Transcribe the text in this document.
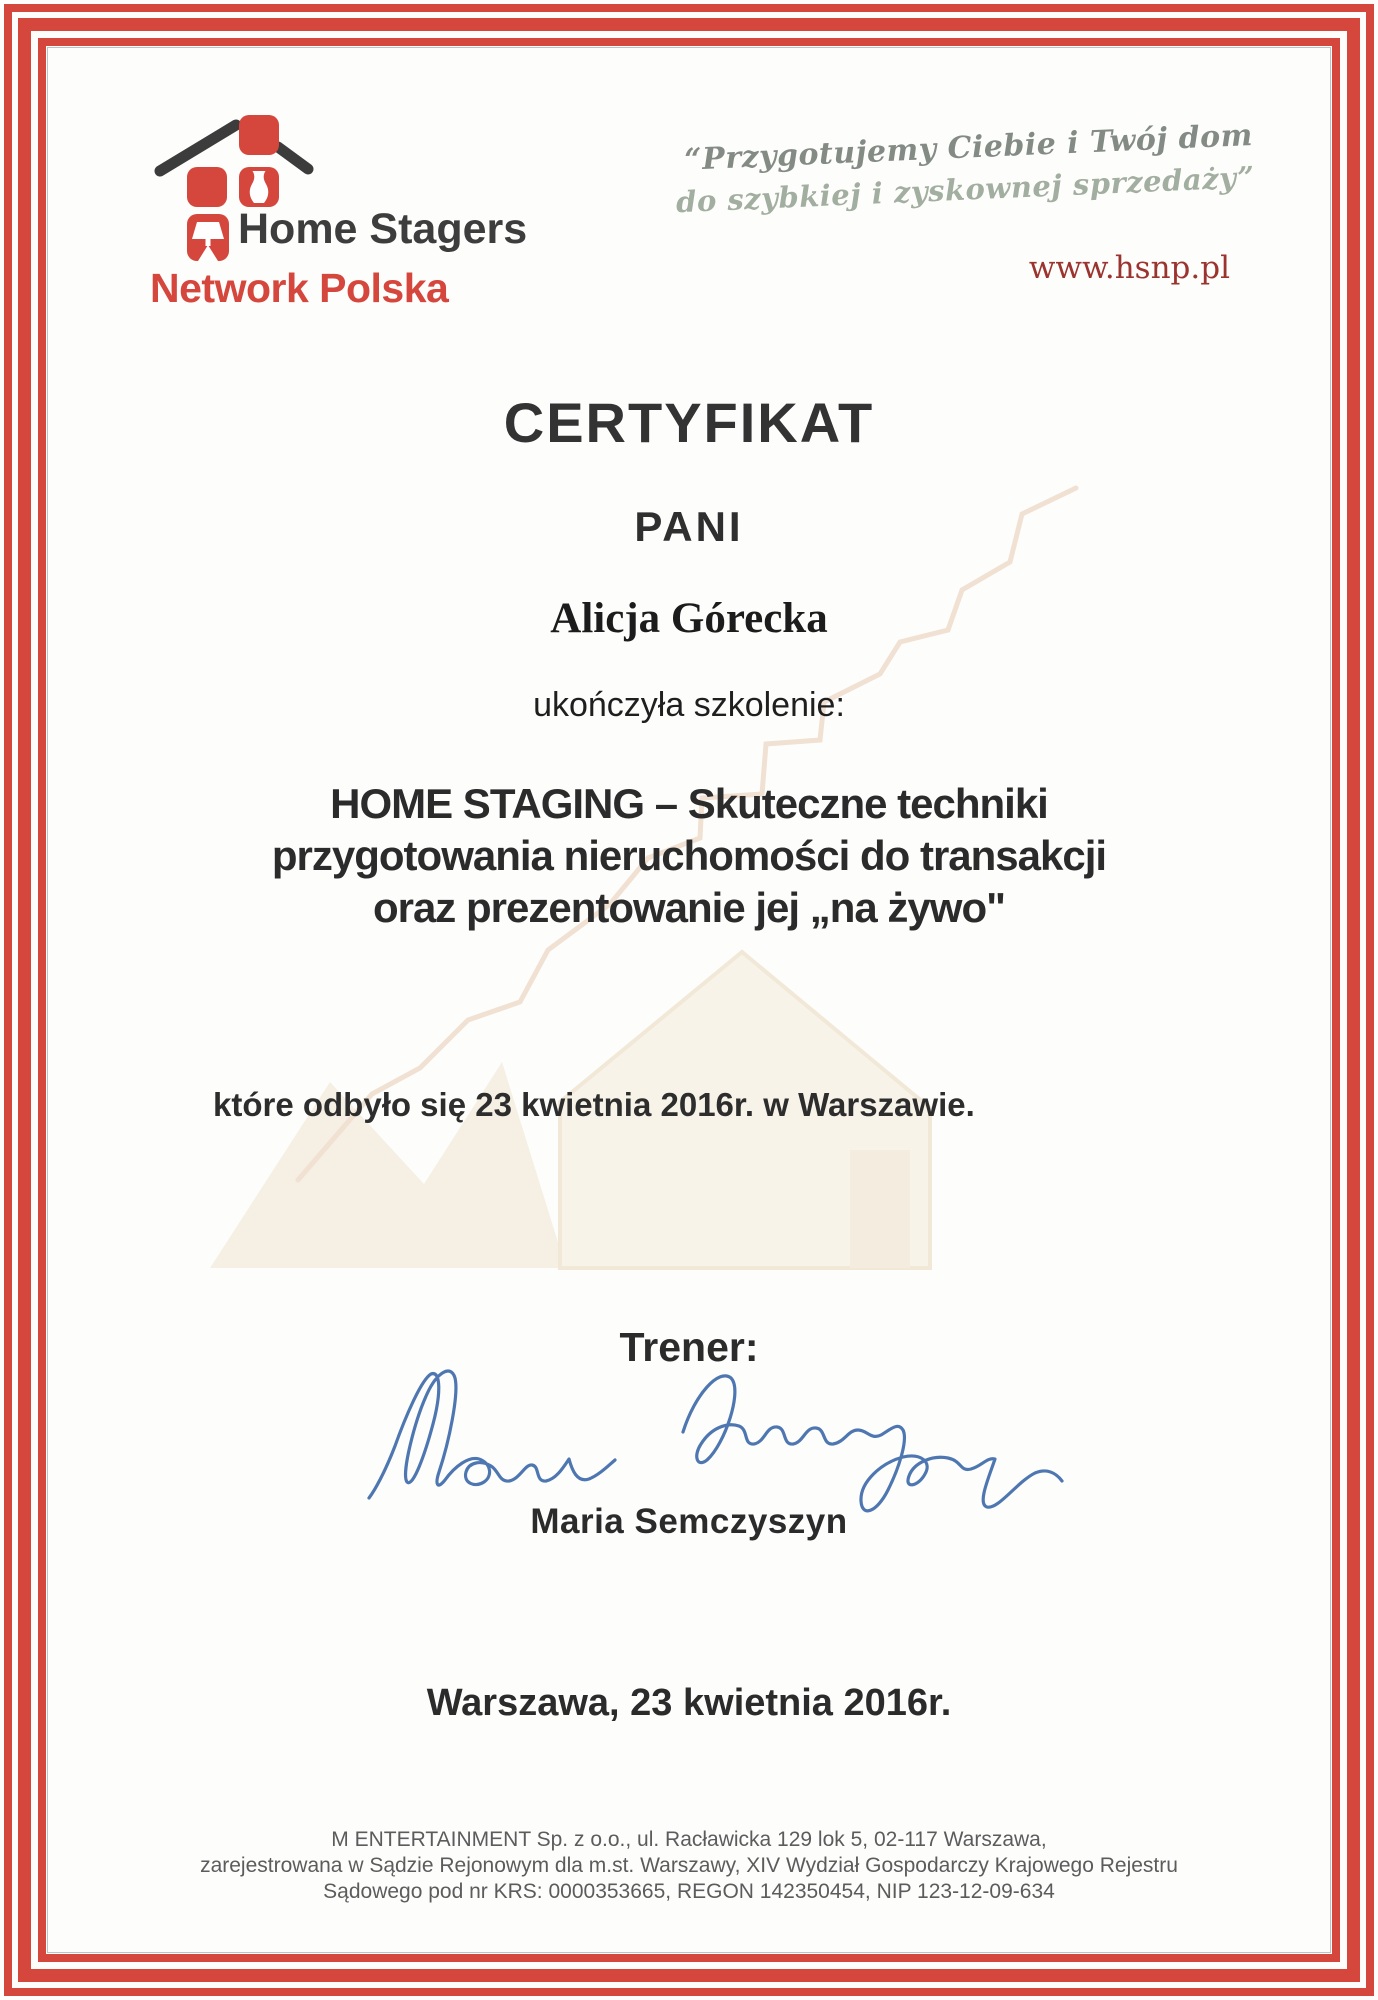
Home Stagers
Network Polska
“Przygotujemy Ciebie i Twój dom
do szybkiej i zyskownej sprzedaży”
www.hsnp.pl
CERTYFIKAT
PANI
Alicja Górecka
ukończyła szkolenie:
HOME STAGING – Skuteczne techniki
przygotowania nieruchomości do transakcji
oraz prezentowanie jej „na żywo"
które odbyło się 23 kwietnia 2016r. w Warszawie.
Trener:
Maria Semczyszyn
Warszawa, 23 kwietnia 2016r.
M ENTERTAINMENT Sp. z o.o., ul. Racławicka 129 lok 5, 02-117 Warszawa,
zarejestrowana w Sądzie Rejonowym dla m.st. Warszawy, XIV Wydział Gospodarczy Krajowego Rejestru
Sądowego pod nr KRS: 0000353665, REGON 142350454, NIP 123-12-09-634
